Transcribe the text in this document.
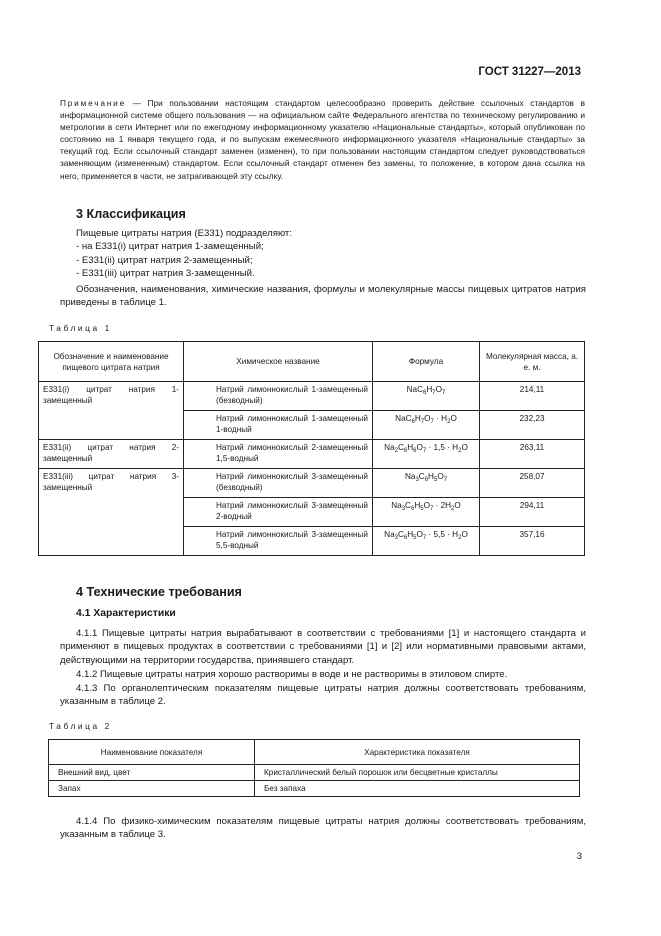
ГОСТ 31227—2013
Примечание — При пользовании настоящим стандартом целесообразно проверить действие ссылочных стандартов в информационной системе общего пользования — на официальном сайте Федерального агентства по техническому регулированию и метрологии в сети Интернет или по ежегодному информационному указателю «Национальные стандарты», который опубликован по состоянию на 1 января текущего года, и по выпускам ежемесячного информационного указателя «Национальные стандарты» за текущий год. Если ссылочный стандарт заменен (изменен), то при пользовании настоящим стандартом следует руководствоваться заменяющим (измененным) стандартом. Если ссылочный стандарт отменен без замены, то положение, в котором дана ссылка на него, применяется в части, не затрагивающей эту ссылку.
3 Классификация
Пищевые цитраты натрия (Е331) подразделяют:
- на Е331(i) цитрат натрия 1-замещенный;
- Е331(ii) цитрат натрия 2-замещенный;
- Е331(iii) цитрат натрия 3-замещенный.
Обозначения, наименования, химические названия, формулы и молекулярные массы пищевых цитратов натрия приведены в таблице 1.
Таблица 1
Обозначение и наименование пищевого цитрата натрия	Химическое название	Формула	Молекулярная масса, а. е. м.
Е331(i) цитрат натрия 1-замещенный	Натрий лимоннокислый 1-замещенный (безводный)	$NaC_6H_7O_7$	214,11
	Натрий лимоннокислый 1-замещенный 1-водный	$NaC_6H_7O_7 \cdot H_2O$	232,23
Е331(ii) цитрат натрия 2-замещенный	Натрий лимоннокислый 2-замещенный 1,5-водный	$Na_2C_6H_6O_7 \cdot 1,5 \cdot H_2O$	263,11
Е331(iii) цитрат натрия 3-замещенный	Натрий лимоннокислый 3-замещенный (безводный)	$Na_3C_6H_5O_7$	258,07
	Натрий лимоннокислый 3-замещенный 2-водный	$Na_3C_6H_5O_7 \cdot 2H_2O$	294,11
	Натрий лимоннокислый 3-замещенный 5,5-водный	$Na_3C_6H_5O_7 \cdot 5,5 \cdot H_2O$	357,16
4 Технические требования
4.1 Характеристики
4.1.1 Пищевые цитраты натрия вырабатывают в соответствии с требованиями [1] и настоящего стандарта и применяют в пищевых продуктах в соответствии с требованиями [1] и [2] или нормативными правовыми актами, действующими на территории государства, принявшего стандарт.
4.1.2 Пищевые цитраты натрия хорошо растворимы в воде и не растворимы в этиловом спирте.
4.1.3 По органолептическим показателям пищевые цитраты натрия должны соответствовать требованиям, указанным в таблице 2.
Таблица 2
Наименование показателя	Характеристика показателя
Внешний вид, цвет	Кристаллический белый порошок или бесцветные кристаллы
Запах	Без запаха
4.1.4 По физико-химическим показателям пищевые цитраты натрия должны соответствовать требованиям, указанным в таблице 3.
3
